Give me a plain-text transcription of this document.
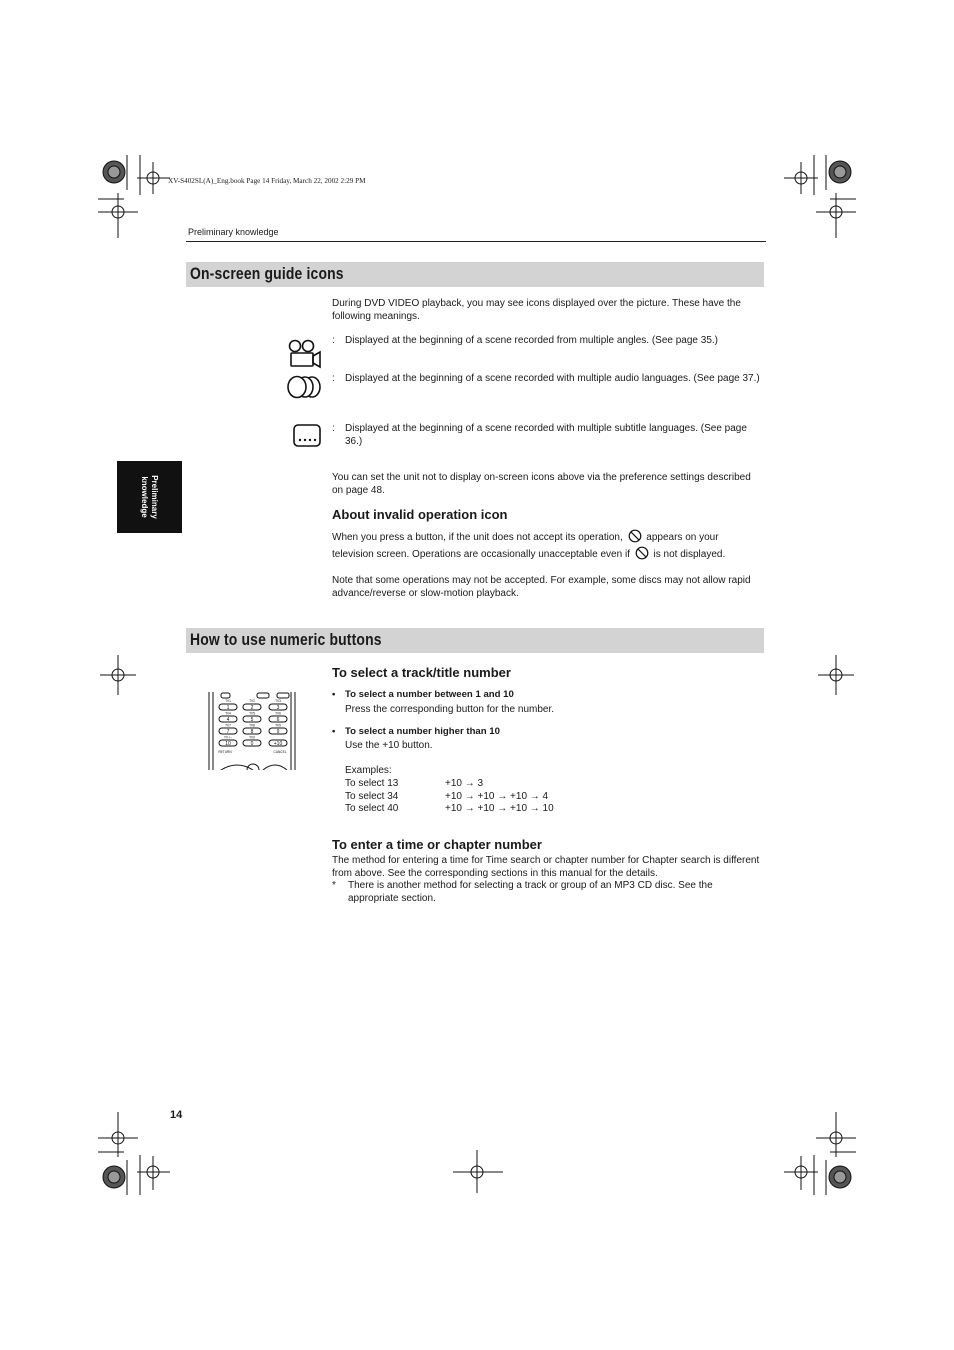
XV-S402SL(A)_Eng.book Page 14 Friday, March 22, 2002 2:29 PM
Preliminary knowledge
Preliminary
knowledge
On-screen guide icons
During DVD VIDEO playback, you may see icons displayed over the picture. These have the following meanings.
: Displayed at the beginning of a scene recorded from multiple angles. (See page 35.)
: Displayed at the beginning of a scene recorded with multiple audio languages. (See page 37.)
: Displayed at the beginning of a scene recorded with multiple subtitle languages. (See page 36.)
You can set the unit not to display on-screen icons above via the preference settings described on page 48.
About invalid operation icon
When you press a button, if the unit does not accept its operation, appears on your
television screen. Operations are occasionally unacceptable even if is not displayed.
Note that some operations may not be accepted. For example, some discs may not allow rapid advance/reverse or slow-motion playback.
How to use numeric buttons
To select a track/title number
1	2	3
4	5	6
7	8	9
10	0	+10
TV1	TV2	TV3
TV4	TV5	TV6
TV7	TV8	TV9
TV-/--	TV0
RETURN	CANCEL
• To select a number between 1 and 10
Press the corresponding button for the number.
• To select a number higher than 10
Use the +10 button.
Examples:
To select 13	+10 → 3
To select 34	+10 → +10 → +10 → 4
To select 40	+10 → +10 → +10 → 10
To enter a time or chapter number
The method for entering a time for Time search or chapter number for Chapter search is different from above. See the corresponding sections in this manual for the details.
* There is another method for selecting a track or group of an MP3 CD disc. See the appropriate section.
14
